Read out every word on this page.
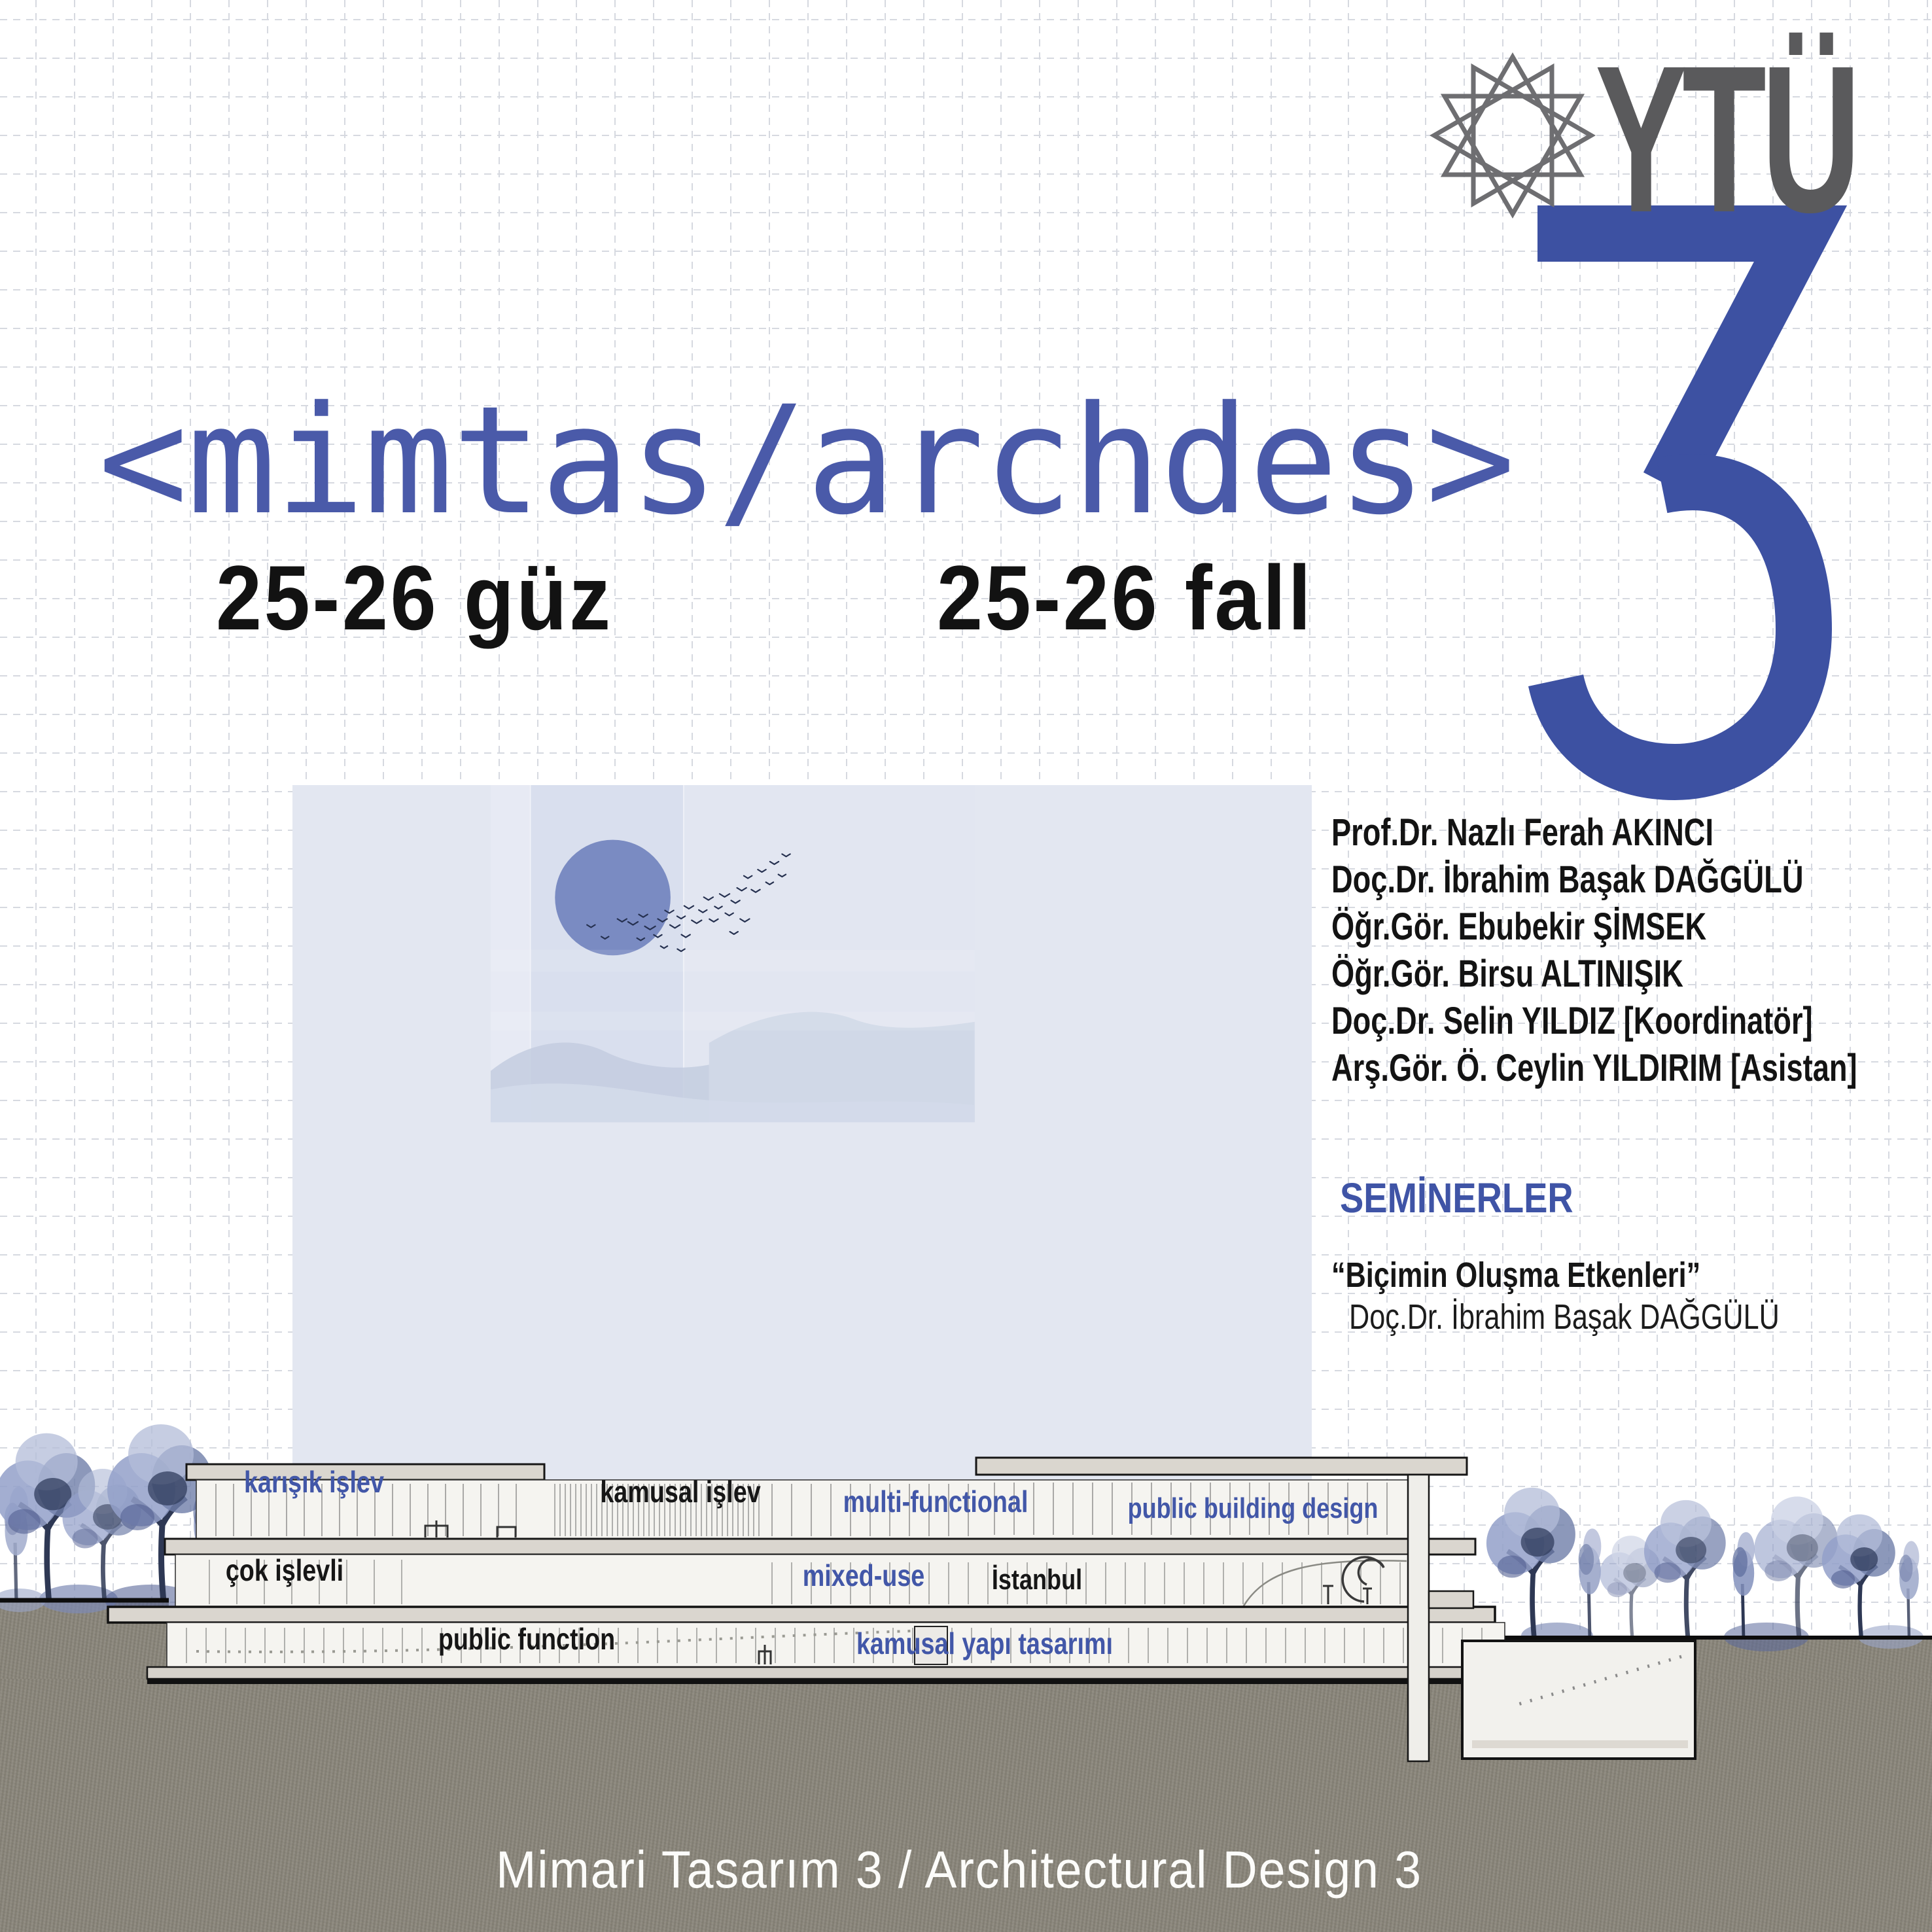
YTÜ
<mimtas/archdes>
25-26 güz	25-26 fall
Prof.Dr. Nazlı Ferah AKINCI
Doç.Dr. İbrahim Başak DAĞGÜLÜ
Öğr.Gör. Ebubekir ŞİMSEK
Öğr.Gör. Birsu ALTINIŞIK
Doç.Dr. Selin YILDIZ [Koordinatör]
Arş.Gör. Ö. Ceylin YILDIRIM [Asistan]
SEMİNERLER
“Biçimin Oluşma Etkenleri”
Doç.Dr. İbrahim Başak DAĞGÜLÜ
karışık işlev	kamusal işlev	multi-functional	public building design
çok işlevli	mixed-use İstanbul
public function	kamusal yapı tasarımı
Mimari Tasarım 3 / Architectural Design 3
